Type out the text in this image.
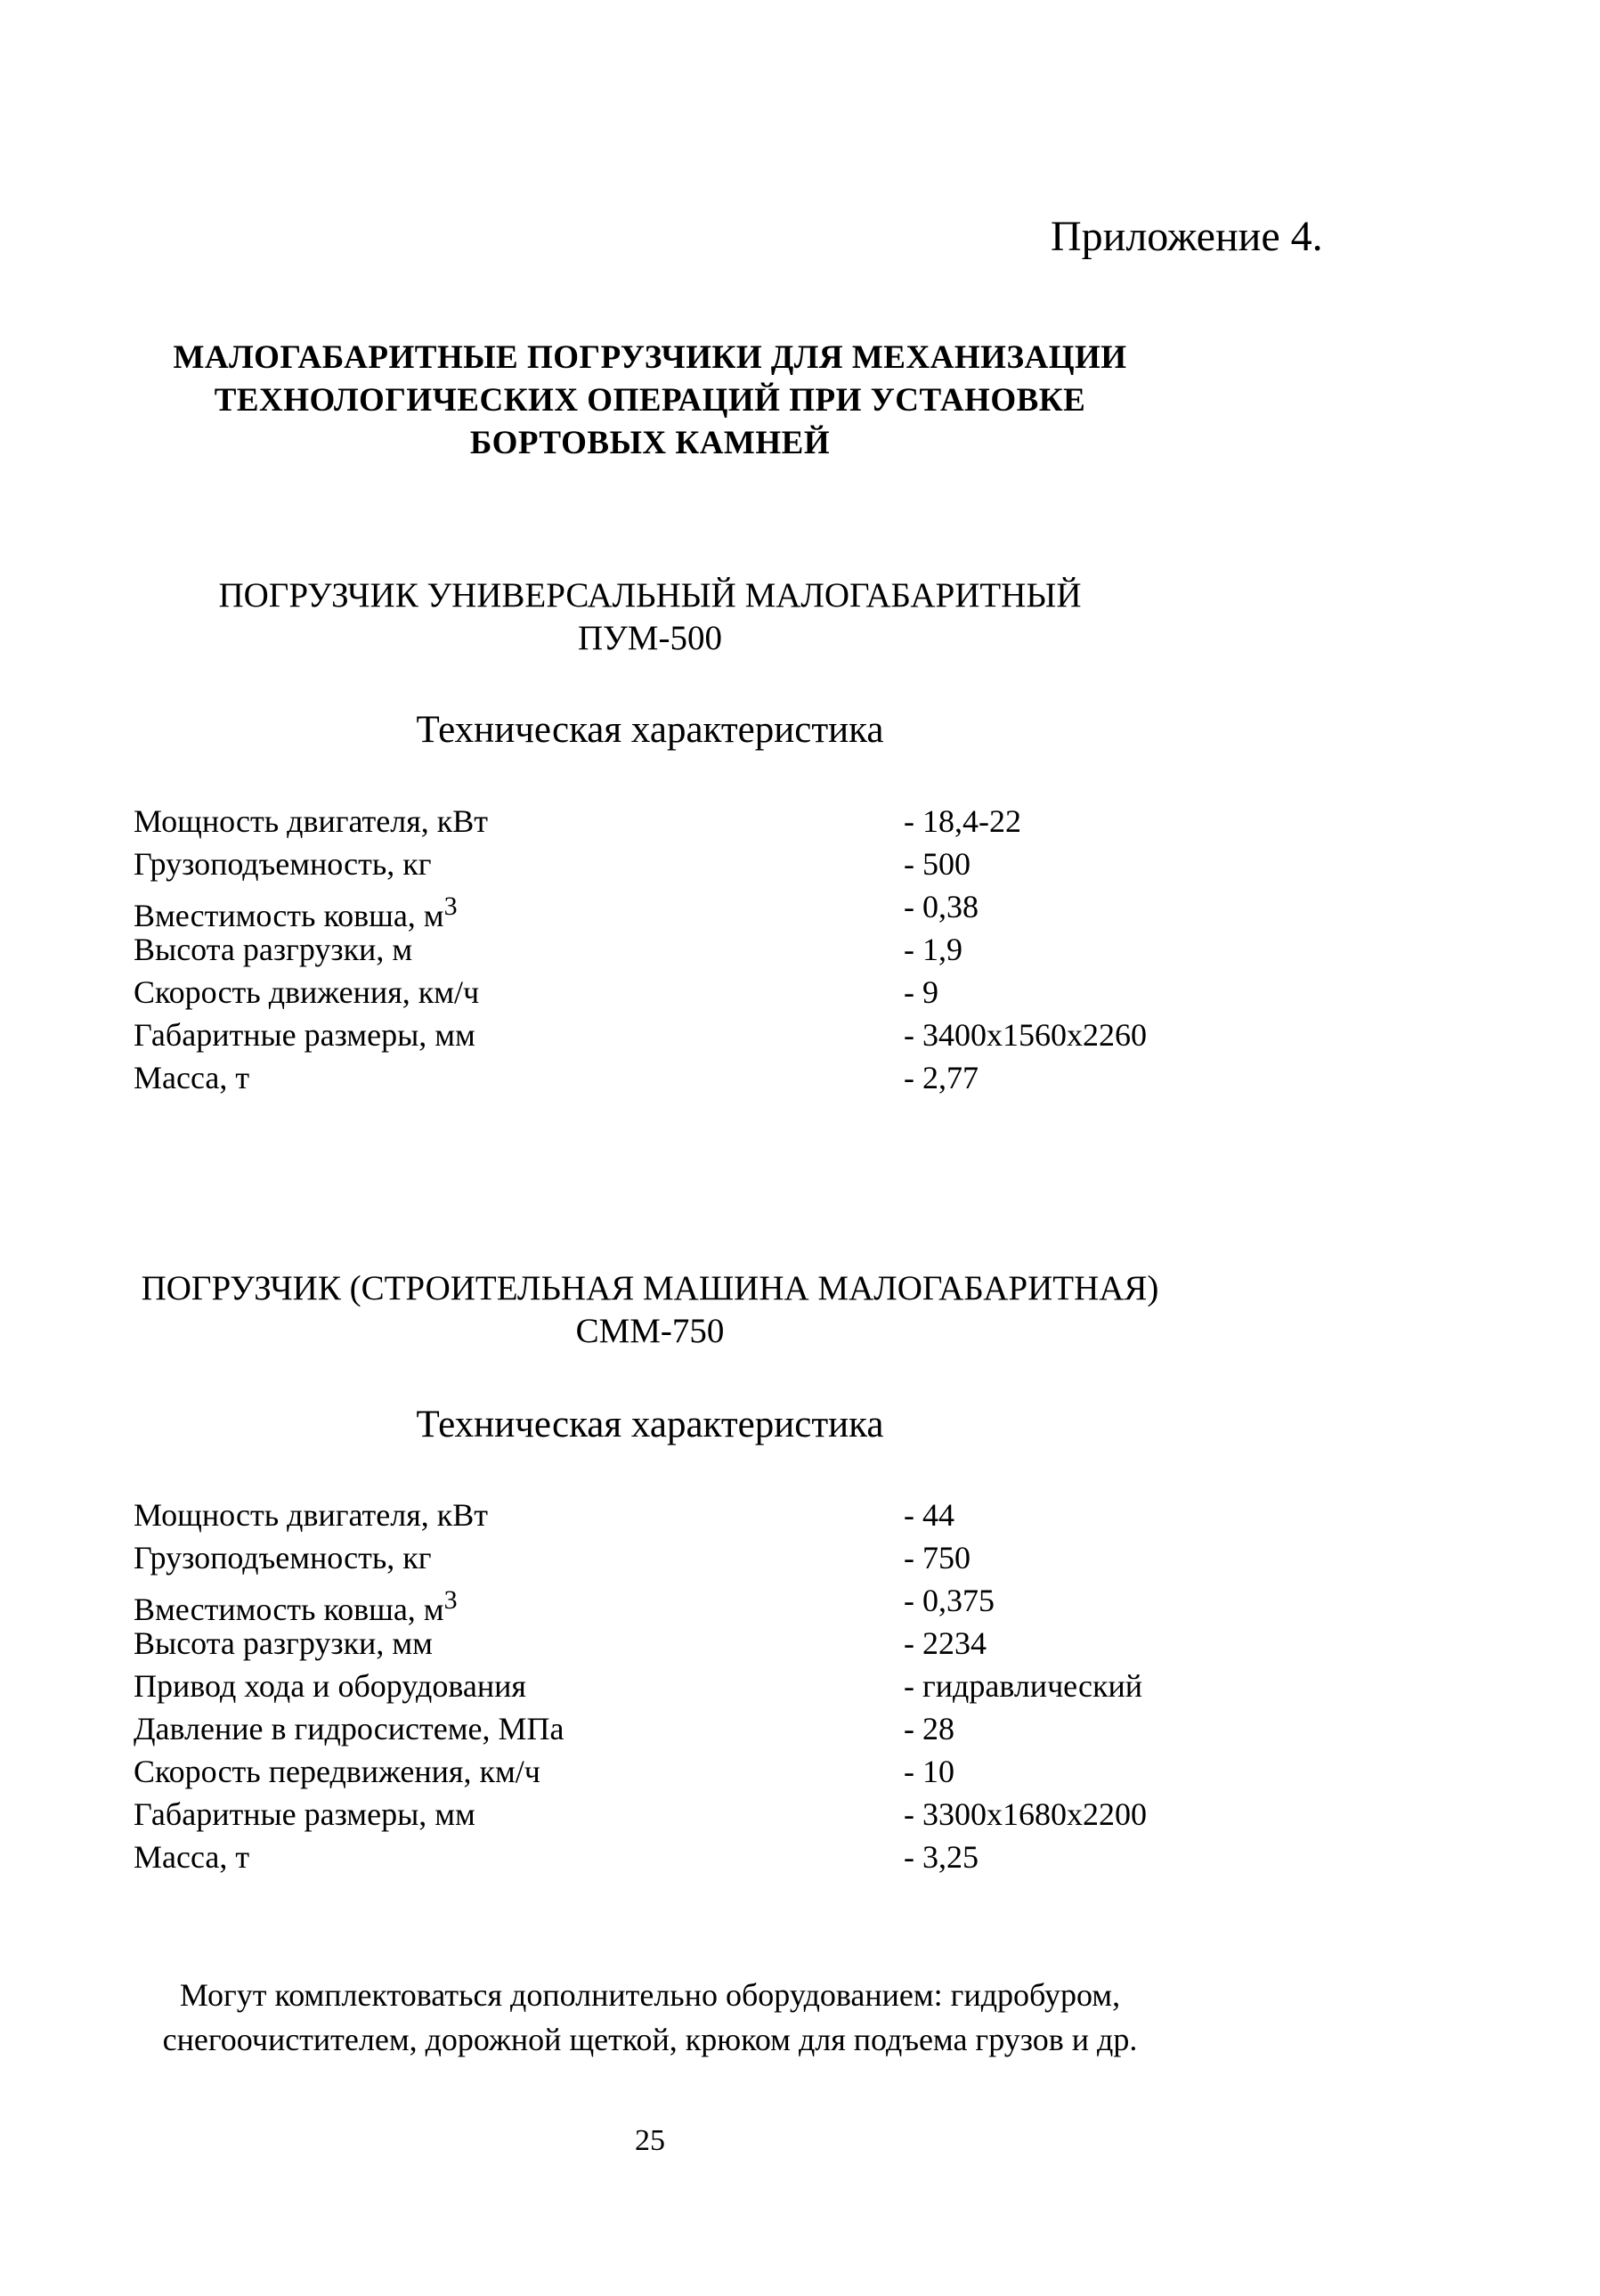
Приложение 4.
МАЛОГАБАРИТНЫЕ ПОГРУЗЧИКИ ДЛЯ МЕХАНИЗАЦИИ
ТЕХНОЛОГИЧЕСКИХ ОПЕРАЦИЙ ПРИ УСТАНОВКЕ
БОРТОВЫХ КАМНЕЙ
ПОГРУЗЧИК УНИВЕРСАЛЬНЫЙ МАЛОГАБАРИТНЫЙ
ПУМ-500
Техническая характеристика
Мощность двигателя, кВт	- 18,4-22
Грузоподъемность, кг	- 500
Вместимость ковша, $м^3$	- 0,38
Высота разгрузки, м	- 1,9
Скорость движения, км/ч	- 9
Габаритные размеры, мм	- 3400x1560x2260
Масса, т	- 2,77
ПОГРУЗЧИК (СТРОИТЕЛЬНАЯ МАШИНА МАЛОГАБАРИТНАЯ)
СММ-750
Техническая характеристика
Мощность двигателя, кВт	- 44
Грузоподъемность, кг	- 750
Вместимость ковша, $м^3$	- 0,375
Высота разгрузки, мм	- 2234
Привод хода и оборудования	- гидравлический
Давление в гидросистеме, МПа	- 28
Скорость передвижения, км/ч	- 10
Габаритные размеры, мм	- 3300x1680x2200
Масса, т	- 3,25
Могут комплектоваться дополнительно оборудованием: гидробуром,
снегоочистителем, дорожной щеткой, крюком для подъема грузов и др.
25
